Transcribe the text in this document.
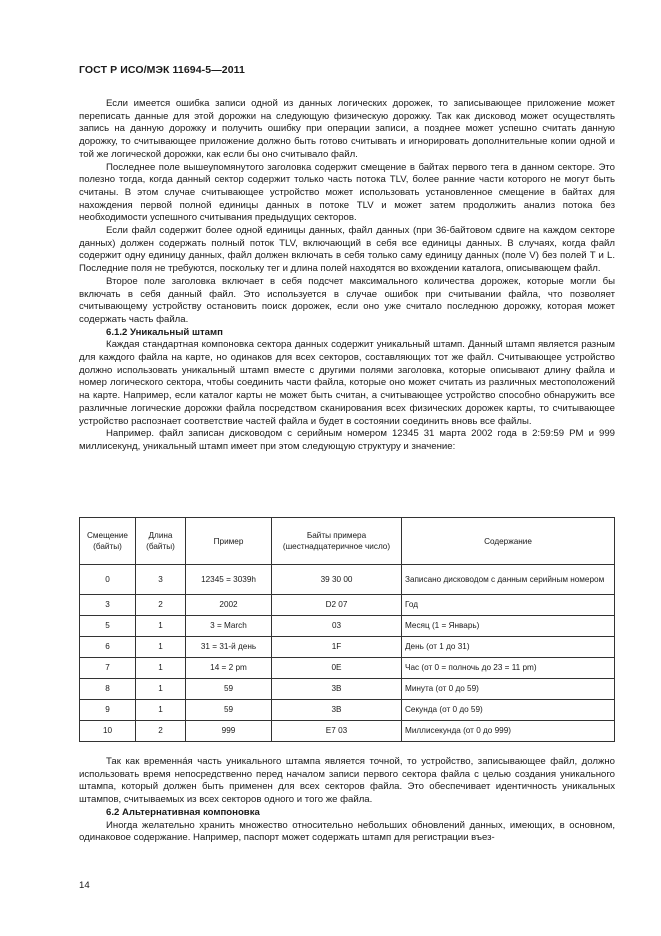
ГОСТ Р ИСО/МЭК 11694-5—2011

Если имеется ошибка записи одной из данных логических дорожек, то записывающее приложение может переписать данные для этой дорожки на следующую физическую дорожку. Так как дисковод может осуществлять запись на данную дорожку и получить ошибку при операции записи, а позднее может успешно считать данную дорожку, то считывающее приложение должно быть готово считывать и игнорировать дополнительные копии одной и той же логической дорожки, как если бы оно считывало файл.

Последнее поле вышеупомянутого заголовка содержит смещение в байтах первого тега в данном секторе. Это полезно тогда, когда данный сектор содержит только часть потока TLV, более ранние части которого не могут быть считаны. В этом случае считывающее устройство может использовать установленное смещение в байтах для нахождения первой полной единицы данных в потоке TLV и может затем продолжить анализ потока без необходимости успешного считывания предыдущих секторов.

Если файл содержит более одной единицы данных, файл данных (при 36-байтовом сдвиге на каждом секторе данных) должен содержать полный поток TLV, включающий в себя все единицы данных. В случаях, когда файл содержит одну единицу данных, файл должен включать в себя только саму единицу данных (поле V) без полей T и L. Последние поля не требуются, поскольку тег и длина полей находятся во вхождении каталога, описывающем файл.

Второе поле заголовка включает в себя подсчет максимального количества дорожек, которые могли бы включать в себя данный файл. Это используется в случае ошибок при считывании файла, что позволяет считывающему устройству остановить поиск дорожек, если оно уже считало последнюю дорожку, которая может содержать часть файла.

6.1.2 Уникальный штамп

Каждая стандартная компоновка сектора данных содержит уникальный штамп. Данный штамп является разным для каждого файла на карте, но одинаков для всех секторов, составляющих тот же файл. Считывающее устройство должно использовать уникальный штамп вместе с другими полями заголовка, которые описывают длину файла и номер логического сектора, чтобы соединить части файла, которые оно может считать из различных местоположений на карте. Например, если каталог карты не может быть считан, а считывающее устройство способно обнаружить все различные логические дорожки файла посредством сканирования всех физических дорожек карты, то считывающее устройство распознает соответствие частей файла и будет в состоянии соединить вновь все файлы.

Например. файл записан дисководом с серийным номером 12345 31 марта 2002 года в 2:59:59 PM и 999 миллисекунд, уникальный штамп имеет при этом следующую структуру и значение:

Смещение (байты)	Длина (байты)	Пример	Байты примера (шестнадцатеричное число)	Содержание
0	3	12345 = 3039h	39 30 00	Записано дисководом с данным серийным номером
3	2	2002	D2 07	Год
5	1	3 = March	03	Месяц (1 = Январь)
6	1	31 = 31-й день	1F	День (от 1 до 31)
7	1	14 = 2 pm	0E	Час (от 0 = полночь до 23 = 11 pm)
8	1	59	3B	Минута (от 0 до 59)
9	1	59	3B	Секунда (от 0 до 59)
10	2	999	E7 03	Миллисекунда (от 0 до 999)

Так как временна́я часть уникального штампа является точной, то устройство, записывающее файл, должно использовать время непосредственно перед началом записи первого сектора файла с целью создания уникального штампа, который должен быть применен для всех секторов файла. Это обеспечивает идентичность уникальных штампов, считываемых из всех секторов одного и того же файла.

6.2 Альтернативная компоновка

Иногда желательно хранить множество относительно небольших обновлений данных, имеющих, в основном, одинаковое содержание. Например, паспорт может содержать штамп для регистрации въез-

14
